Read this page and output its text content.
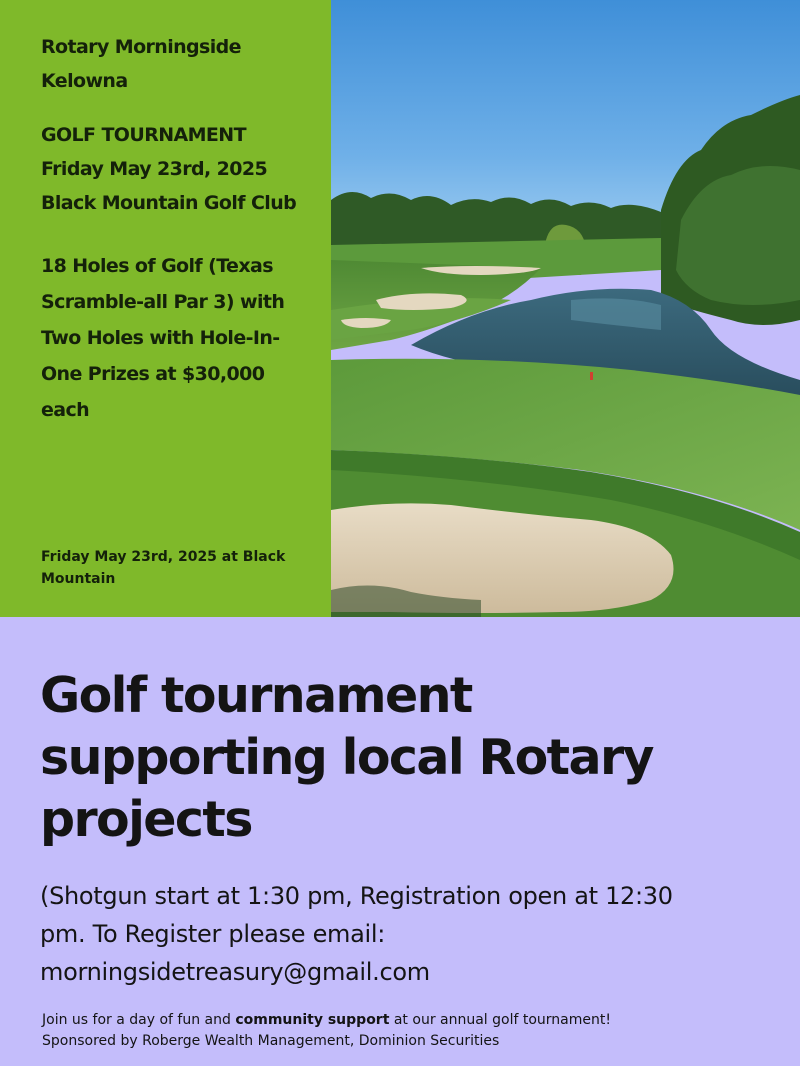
Rotary Morningside
Kelowna

GOLF TOURNAMENT
Friday May 23rd, 2025
Black Mountain Golf Club

18 Holes of Golf (Texas
Scramble-all Par 3) with
Two Holes with Hole-In-
One Prizes at $30,000
each

Friday May 23rd, 2025 at Black
Mountain

Golf tournament
supporting local Rotary
projects

(Shotgun start at 1:30 pm, Registration open at 12:30
pm. To Register please email:
morningsidetreasury@gmail.com

Join us for a day of fun and community support at our annual golf tournament!
Sponsored by Roberge Wealth Management, Dominion Securities
